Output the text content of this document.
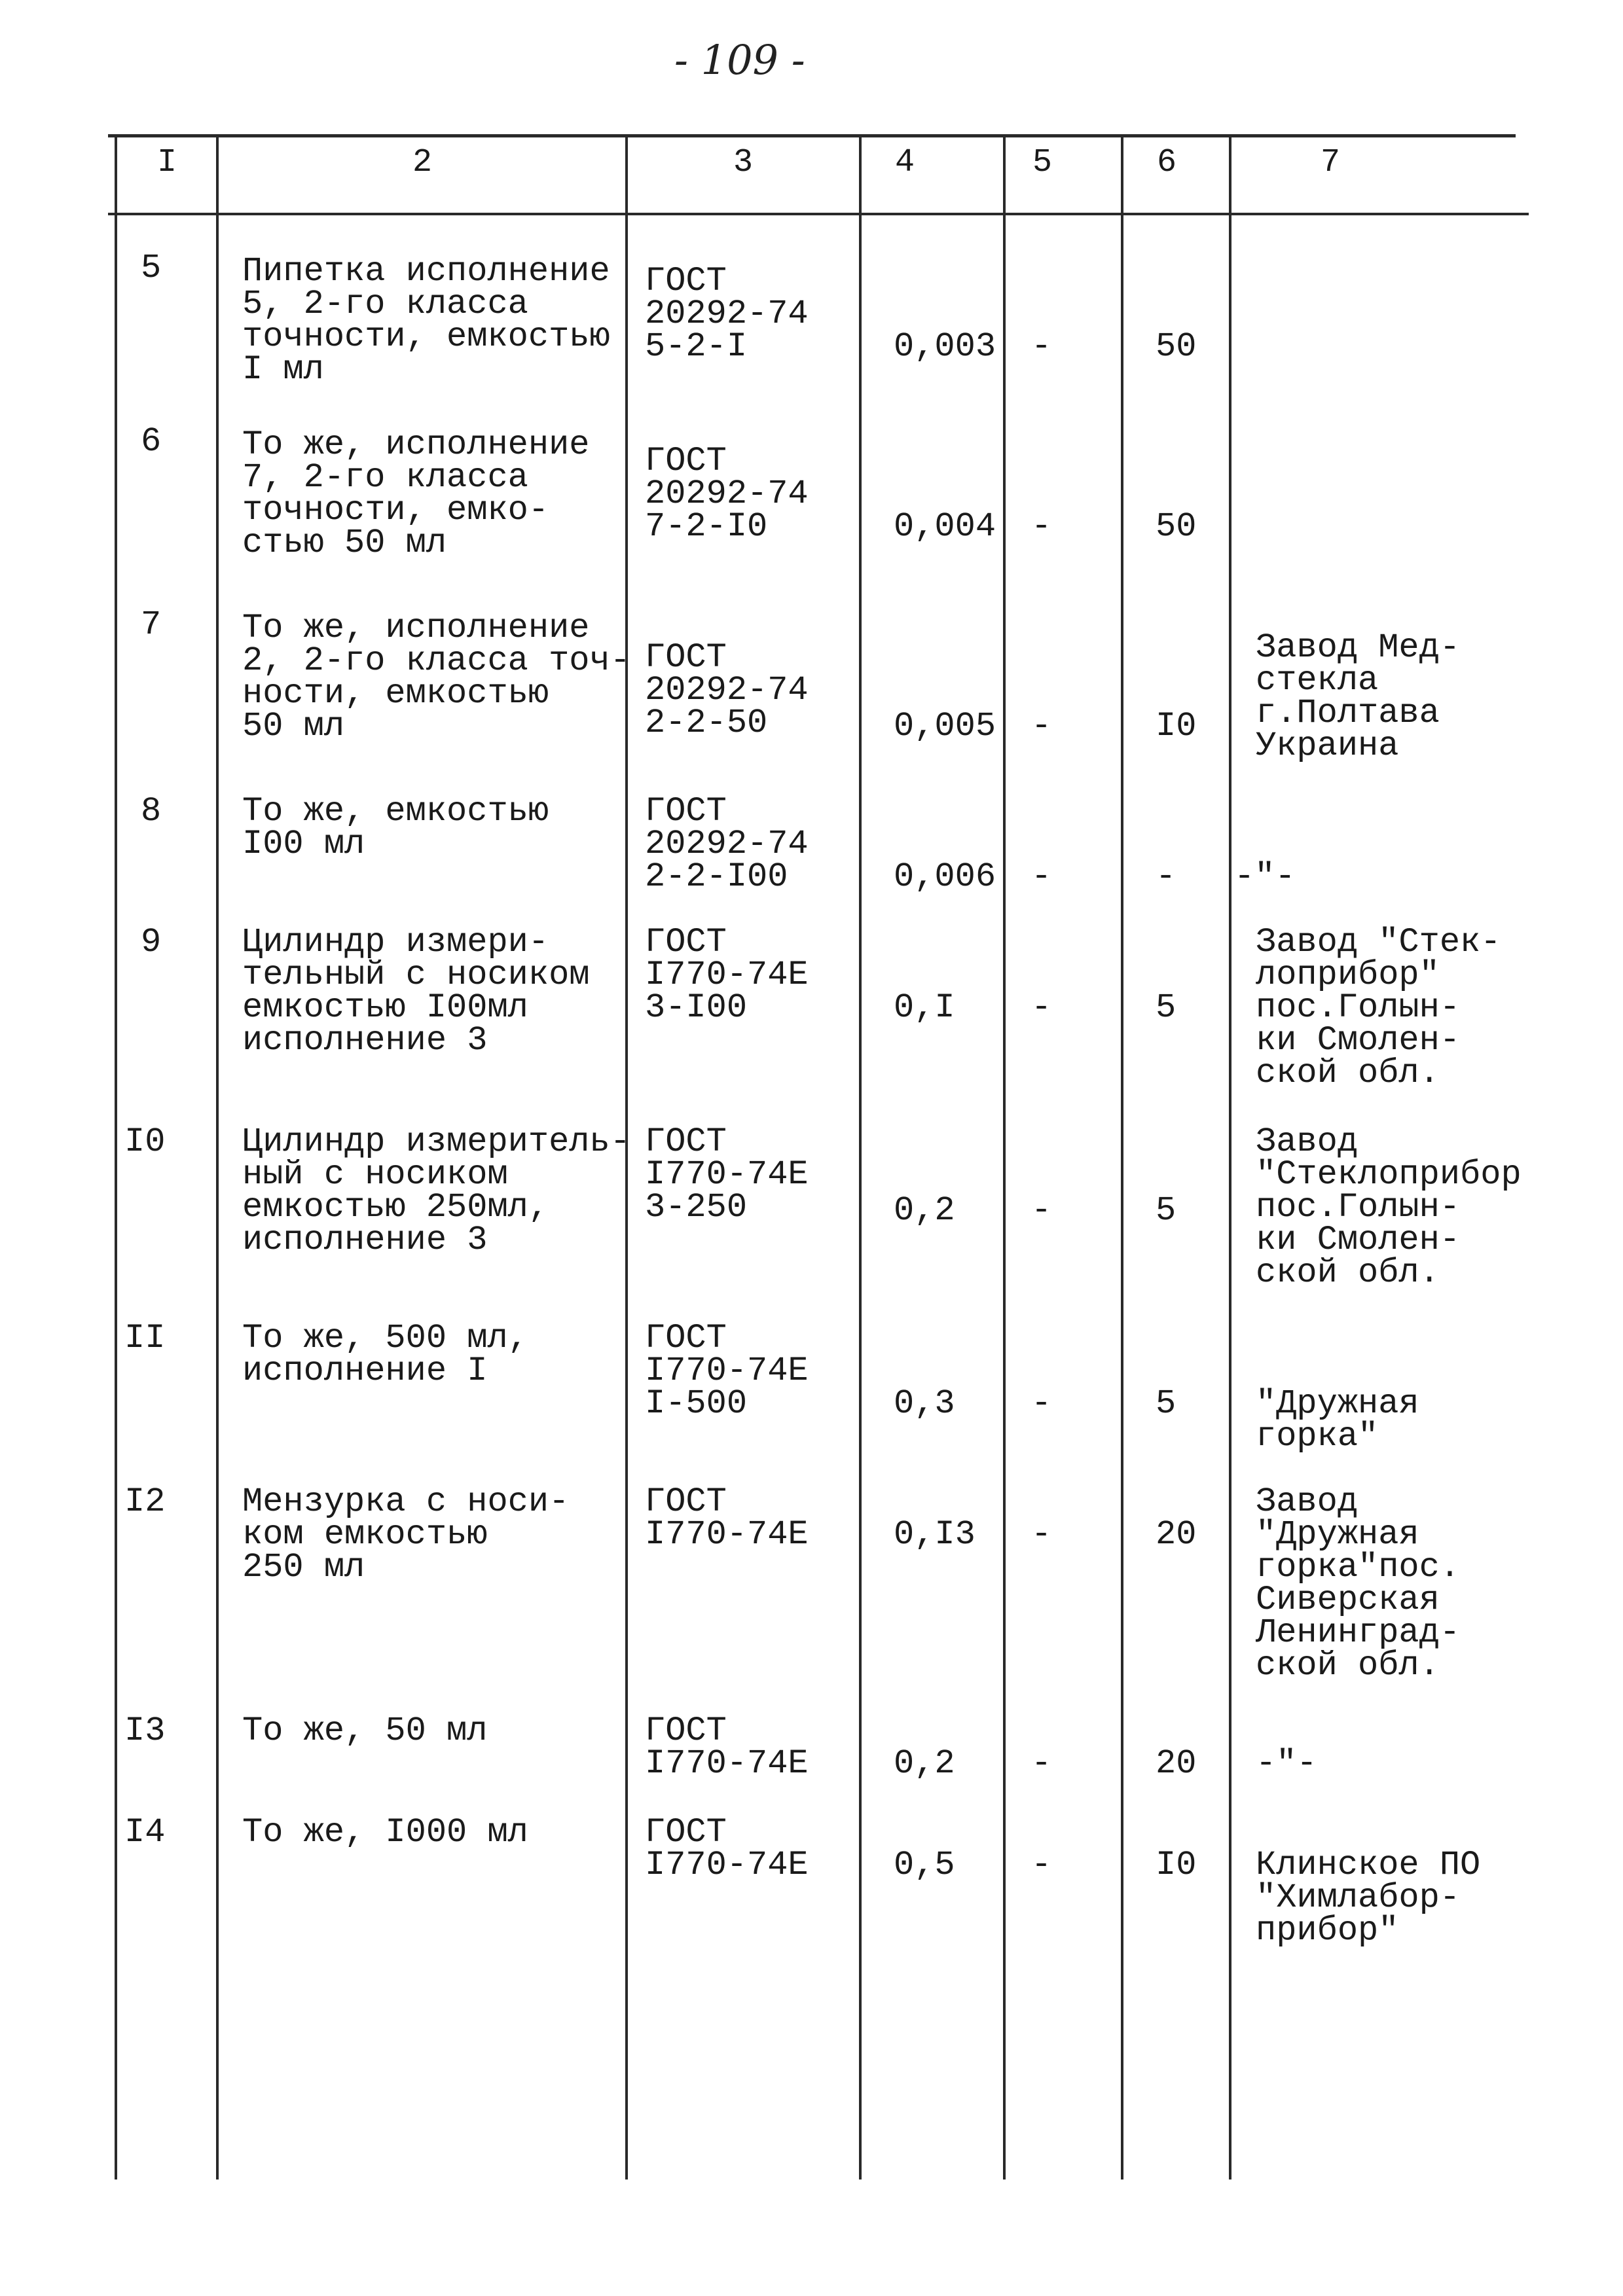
- 109 -
I	2	3	4	5	6	7
5 Пипетка исполнение
5, 2-го класса
точности, емкостью
I мл
ГОСТ
20292-74
5-2-I	0,003 -	50
6 То же, исполнение
7, 2-го класса
точности, емко-
стью 50 мл
ГОСТ
20292-74
7-2-I0	0,004 -	50
7 То же, исполнение
2, 2-го класса точ-
ности, емкостью
50 мл
ГОСТ
20292-74
2-2-50	0,005 -	I0
Завод Мед-
стекла
г.Полтава
Украина
8 То же, емкостью
I00 мл
ГОСТ
20292-74
2-2-I00	0,006 -	- -"-
9 Цилиндр измери-
тельный с носиком
емкостью I00мл
исполнение 3
ГОСТ
I770-74Е
3-I00	0,I -	5
Завод "Стек-
лоприбор"
пос.Голын-
ки Смолен-
ской обл.
I0 Цилиндр измеритель-
ный с носиком
емкостью 250мл,
исполнение 3
ГОСТ
I770-74Е
3-250	0,2 -	5
Завод
"Стеклоприбор
пос.Голын-
ки Смолен-
ской обл.
II То же, 500 мл,
исполнение I
ГОСТ
I770-74Е
I-500	0,3 -	5 "Дружная
горка"
I2 Мензурка с носи-
ком емкостью
250 мл
ГОСТ
I770-74Е	0,I3 -	20
Завод
"Дружная
горка"пос.
Сиверская
Ленинград-
ской обл.
I3 То же, 50 мл	ГОСТ
I770-74Е	0,2 -	20 -"-
I4 То же, I000 мл	ГОСТ
I770-74Е	0,5 -	I0 Клинское ПО
"Химлабор-
прибор"
